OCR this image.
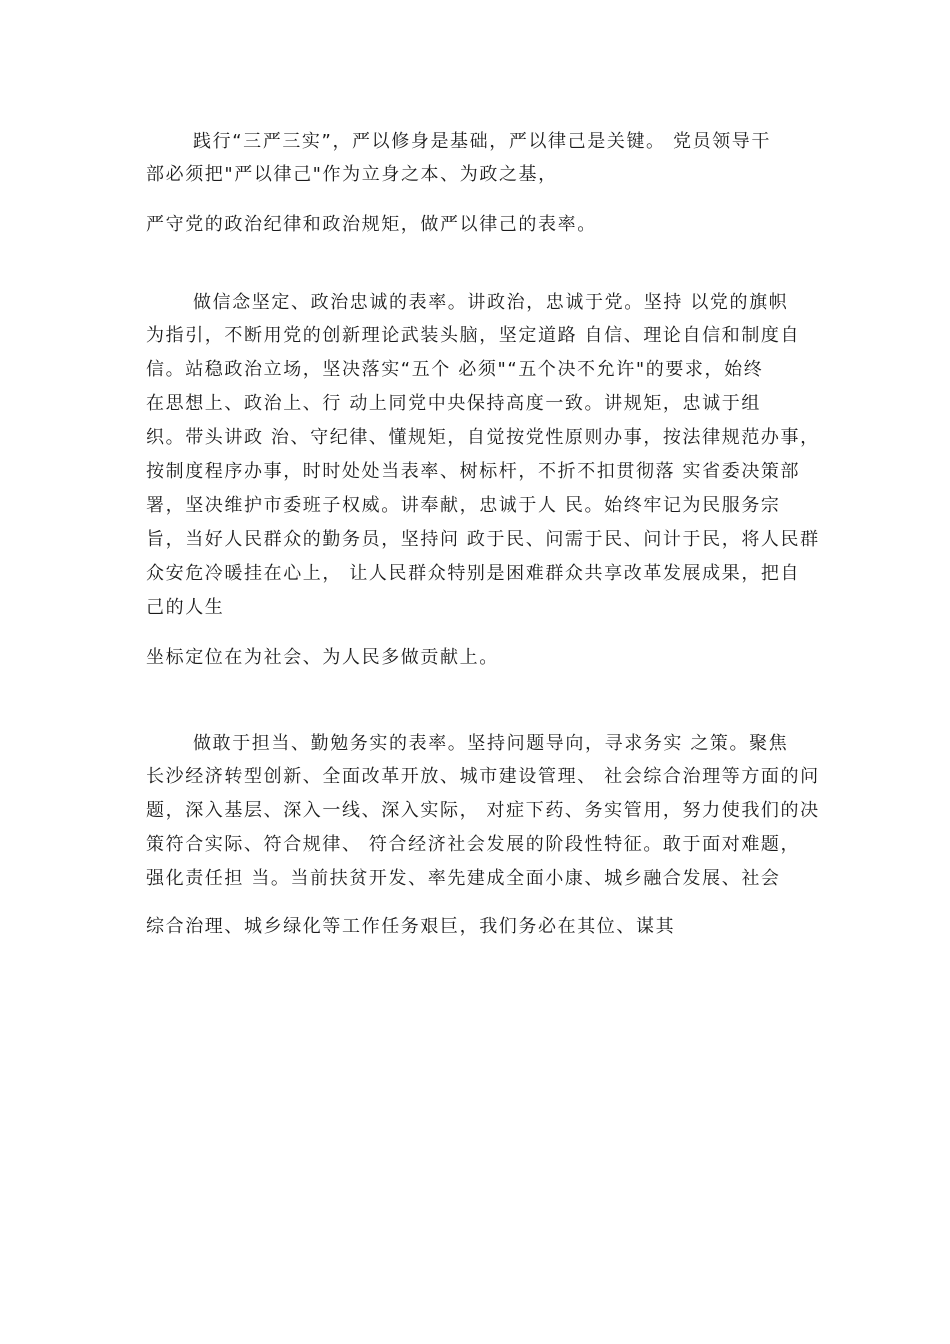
践行“三严三实”，严以修身是基础，严以律己是关键。 党员领导干
部必须把"严以律己"作为立身之本、为政之基，
严守党的政治纪律和政治规矩，做严以律己的表率。
做信念坚定、政治忠诚的表率。讲政治，忠诚于党。坚持 以党的旗帜
为指引，不断用党的创新理论武装头脑，坚定道路 自信、理论自信和制度自
信。站稳政治立场，坚决落实“五个 必须"“五个决不允许"的要求，始终
在思想上、政治上、行 动上同党中央保持高度一致。讲规矩，忠诚于组
织。带头讲政 治、守纪律、懂规矩，自觉按党性原则办事，按法律规范办事，
按制度程序办事，时时处处当表率、树标杆，不折不扣贯彻落 实省委决策部
署，坚决维护市委班子权威。讲奉献，忠诚于人 民。始终牢记为民服务宗
旨，当好人民群众的勤务员，坚持问 政于民、问需于民、问计于民，将人民群
众安危冷暖挂在心上， 让人民群众特别是困难群众共享改革发展成果，把自
己的人生
坐标定位在为社会、为人民多做贡献上。
做敢于担当、勤勉务实的表率。坚持问题导向，寻求务实 之策。聚焦
长沙经济转型创新、全面改革开放、城市建设管理、 社会综合治理等方面的问
题，深入基层、深入一线、深入实际， 对症下药、务实管用，努力使我们的决
策符合实际、符合规律、 符合经济社会发展的阶段性特征。敢于面对难题，
强化责任担 当。当前扶贫开发、率先建成全面小康、城乡融合发展、社会
综合治理、城乡绿化等工作任务艰巨，我们务必在其位、谋其
